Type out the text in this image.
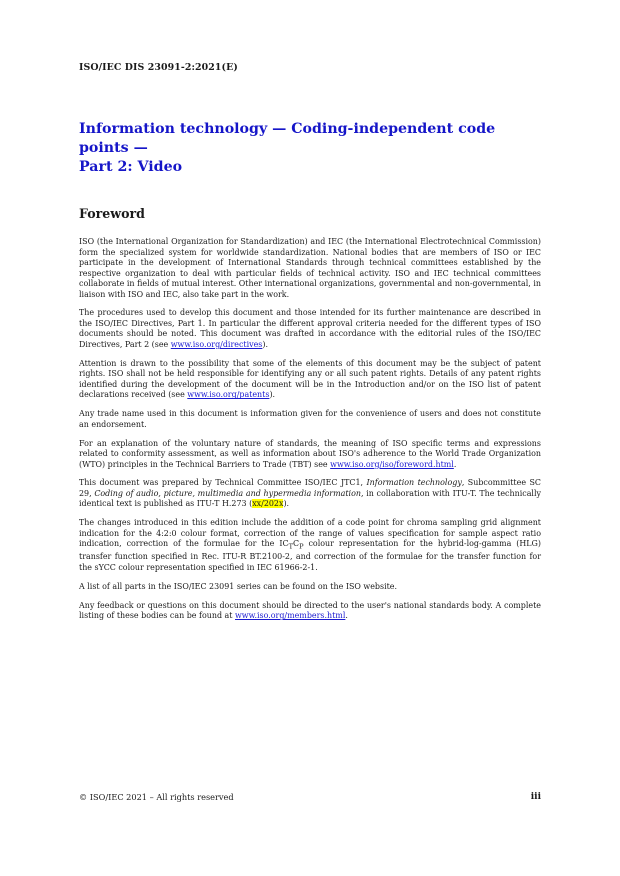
ISO/IEC DIS 23091-2:2021(E)
Information technology — Coding-independent code points —
Part 2: Video
Foreword

ISO (the International Organization for Standardization) and IEC (the International Electrotechnical Commission) form the specialized system for worldwide standardization. National bodies that are members of ISO or IEC participate in the development of International Standards through technical committees established by the respective organization to deal with particular fields of technical activity. ISO and IEC technical committees collaborate in fields of mutual interest. Other international organizations, governmental and non-governmental, in liaison with ISO and IEC, also take part in the work.

The procedures used to develop this document and those intended for its further maintenance are described in the ISO/IEC Directives, Part 1. In particular the different approval criteria needed for the different types of ISO documents should be noted. This document was drafted in accordance with the editorial rules of the ISO/IEC Directives, Part 2 (see www.iso.org/directives).

Attention is drawn to the possibility that some of the elements of this document may be the subject of patent rights. ISO shall not be held responsible for identifying any or all such patent rights. Details of any patent rights identified during the development of the document will be in the Introduction and/or on the ISO list of patent declarations received (see www.iso.org/patents).

Any trade name used in this document is information given for the convenience of users and does not constitute an endorsement.

For an explanation of the voluntary nature of standards, the meaning of ISO specific terms and expressions related to conformity assessment, as well as information about ISO's adherence to the World Trade Organization (WTO) principles in the Technical Barriers to Trade (TBT) see www.iso.org/iso/foreword.html.

This document was prepared by Technical Committee ISO/IEC JTC1, Information technology, Subcommittee SC 29, Coding of audio, picture, multimedia and hypermedia information, in collaboration with ITU-T. The technically identical text is published as ITU-T H.273 (xx/202x).

The changes introduced in this edition include the addition of a code point for chroma sampling grid alignment indication for the 4:2:0 colour format, correction of the range of values specification for sample aspect ratio indication, correction of the formulae for the $IC_TC_P$ colour representation for the hybrid-log-gamma (HLG) transfer function specified in Rec. ITU-R BT.2100-2, and correction of the formulae for the transfer function for the sYCC colour representation specified in IEC 61966-2-1.

A list of all parts in the ISO/IEC 23091 series can be found on the ISO website.

Any feedback or questions on this document should be directed to the user's national standards body. A complete listing of these bodies can be found at www.iso.org/members.html.

© ISO/IEC 2021 – All rights reserved	iii
